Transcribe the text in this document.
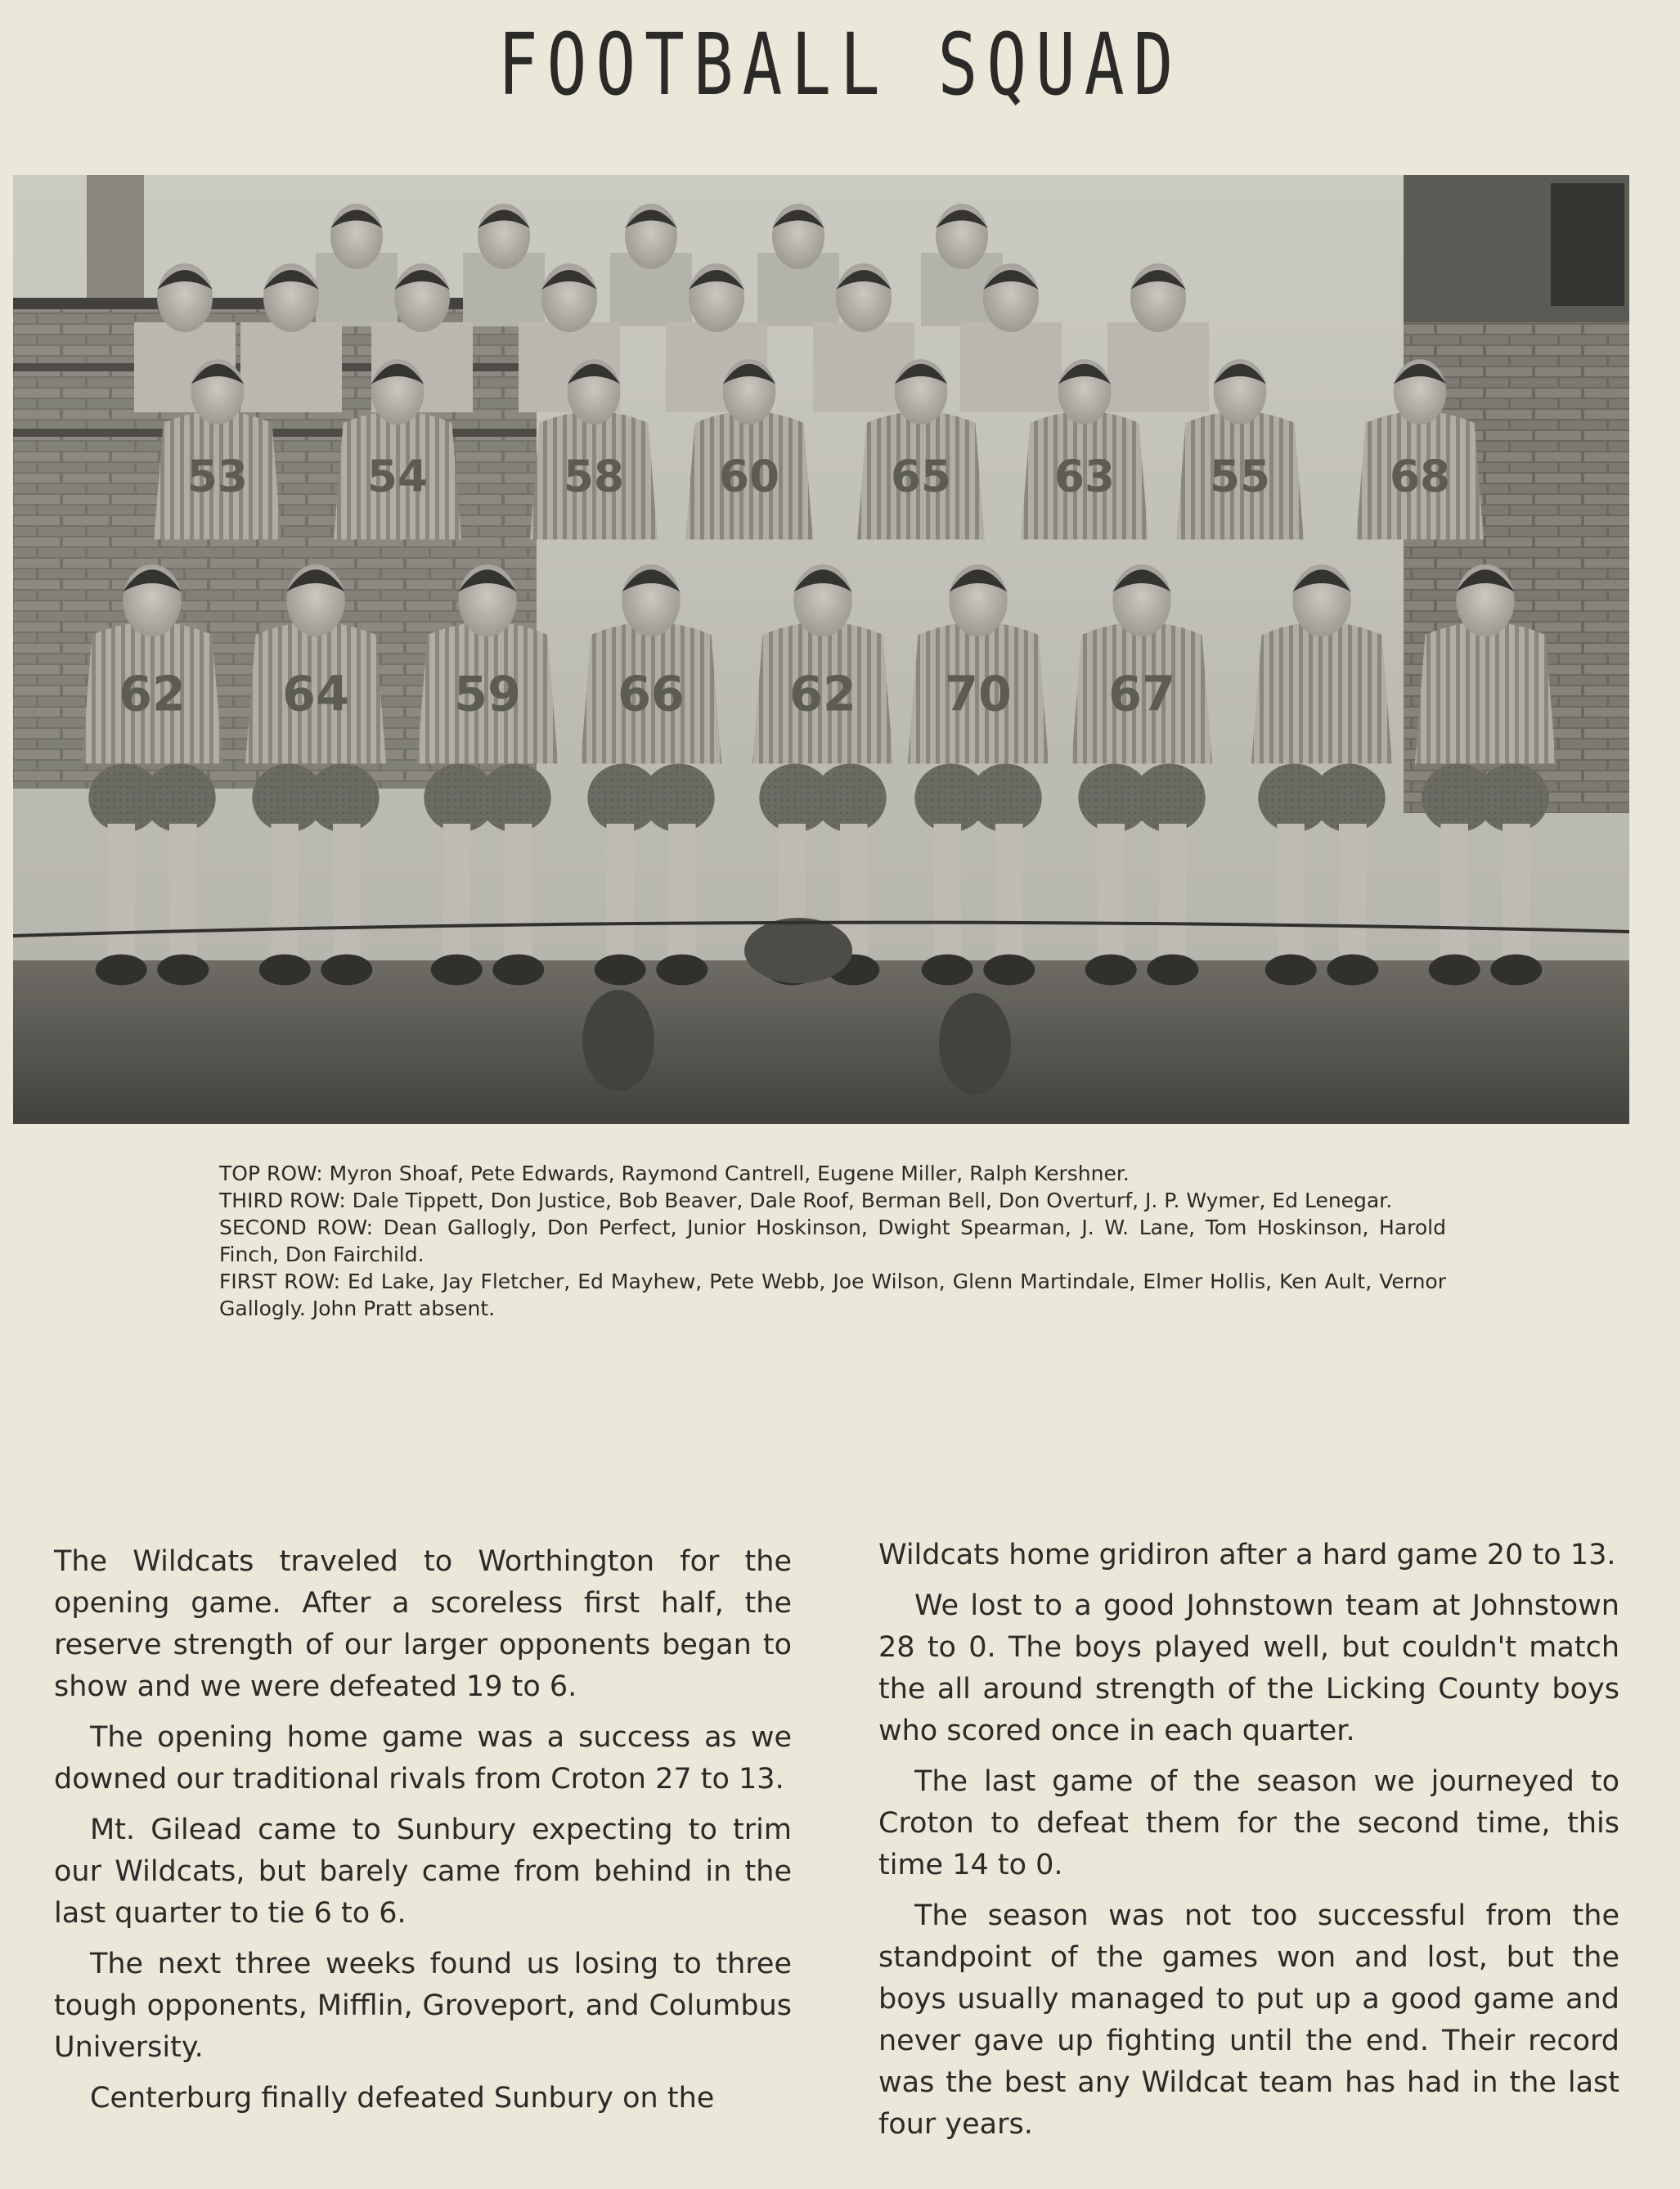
FOOTBALL SQUAD
53	54	58 60	65 63 55	68
62 64 59 66 62 70 67

TOP ROW: Myron Shoaf, Pete Edwards, Raymond Cantrell, Eugene Miller, Ralph Kershner.

THIRD ROW: Dale Tippett, Don Justice, Bob Beaver, Dale Roof, Berman Bell, Don Overturf, J. P. Wymer, Ed Lenegar.

SECOND ROW: Dean Gallogly, Don Perfect, Junior Hoskinson, Dwight Spearman, J. W. Lane, Tom Hoskinson, Harold Finch, Don Fairchild.

FIRST ROW: Ed Lake, Jay Fletcher, Ed Mayhew, Pete Webb, Joe Wilson, Glenn Martindale, Elmer Hollis, Ken Ault, Vernor Gallogly. John Pratt absent.

The Wildcats traveled to Worthington for the opening game. After a scoreless first half, the reserve strength of our larger opponents began to show and we were defeated 19 to 6.

The opening home game was a success as we downed our traditional rivals from Croton 27 to 13.

Mt. Gilead came to Sunbury expecting to trim our Wildcats, but barely came from behind in the last quarter to tie 6 to 6.

The next three weeks found us losing to three tough opponents, Mifflin, Groveport, and Columbus University.

Centerburg finally defeated Sunbury on the

Wildcats home gridiron after a hard game 20 to 13.

We lost to a good Johnstown team at Johnstown 28 to 0. The boys played well, but couldn't match the all around strength of the Licking County boys who scored once in each quarter.

The last game of the season we journeyed to Croton to defeat them for the second time, this time 14 to 0.

The season was not too successful from the standpoint of the games won and lost, but the boys usually managed to put up a good game and never gave up fighting until the end. Their record was the best any Wildcat team has had in the last four years.
